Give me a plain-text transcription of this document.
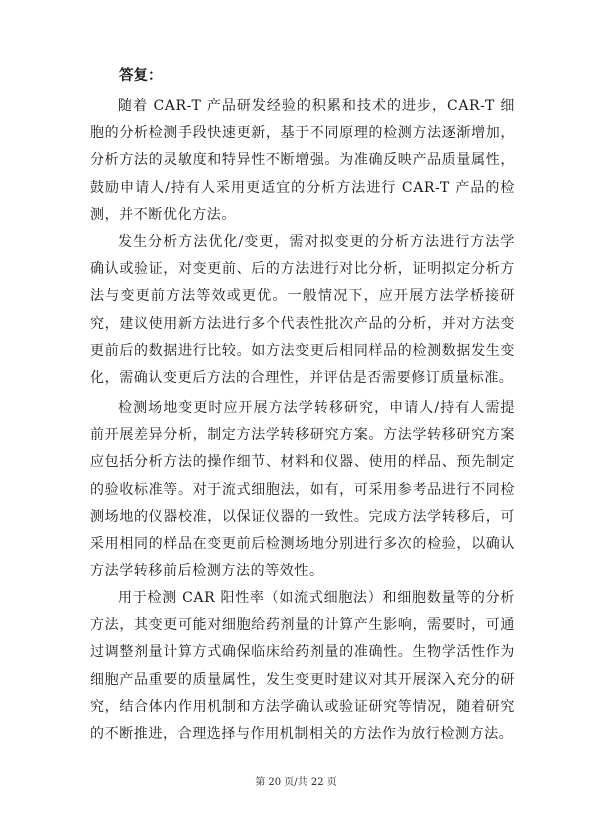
答复：

随着 CAR-T 产品研发经验的积累和技术的进步，CAR-T 细胞的分析检测手段快速更新，基于不同原理的检测方法逐渐增加，分析方法的灵敏度和特异性不断增强。为准确反映产品质量属性，鼓励申请人/持有人采用更适宜的分析方法进行 CAR-T 产品的检测，并不断优化方法。

发生分析方法优化/变更，需对拟变更的分析方法进行方法学确认或验证，对变更前、后的方法进行对比分析，证明拟定分析方法与变更前方法等效或更优。一般情况下，应开展方法学桥接研究，建议使用新方法进行多个代表性批次产品的分析，并对方法变更前后的数据进行比较。如方法变更后相同样品的检测数据发生变化，需确认变更后方法的合理性，并评估是否需要修订质量标准。

检测场地变更时应开展方法学转移研究，申请人/持有人需提前开展差异分析，制定方法学转移研究方案。方法学转移研究方案应包括分析方法的操作细节、材料和仪器、使用的样品、预先制定的验收标准等。对于流式细胞法，如有，可采用参考品进行不同检测场地的仪器校准，以保证仪器的一致性。完成方法学转移后，可采用相同的样品在变更前后检测场地分别进行多次的检验，以确认方法学转移前后检测方法的等效性。

用于检测 CAR 阳性率（如流式细胞法）和细胞数量等的分析方法，其变更可能对细胞给药剂量的计算产生影响，需要时，可通过调整剂量计算方式确保临床给药剂量的准确性。生物学活性作为细胞产品重要的质量属性，发生变更时建议对其开展深入充分的研究，结合体内作用机制和方法学确认或验证研究等情况，随着研究的不断推进，合理选择与作用机制相关的方法作为放行检测方法。

第 20 页/共 22 页
